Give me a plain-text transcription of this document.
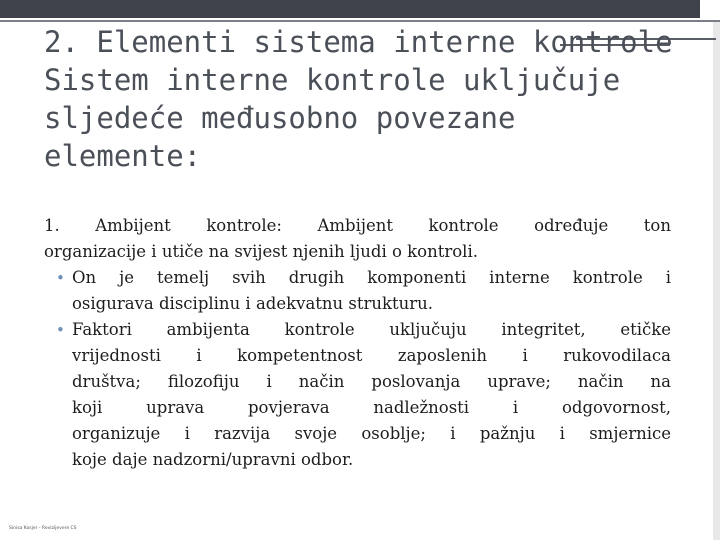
2. Elementi sistema interne kontrole
Sistem interne kontrole uključuje
sljedeće međusobno povezane
elemente:
1. Ambijent kontrole: Ambijent kontrole određuje ton
organizacije i utiče na svijest njenih ljudi o kontroli.
• On je temelj svih drugih komponenti interne kontrole i
osigurava disciplinu i adekvatnu strukturu.
• Faktori ambijenta kontrole uključuju integritet, etičke
vrijednosti i kompetentnost zaposlenih i rukovodilaca
društva; filozofiju i način poslovanja uprave; način na
koji uprava povjerava nadležnosti i odgovornost,
organizuje i razvija svoje osoblje; i pažnju i smjernice
koje daje nadzorni/upravni odbor.
Sinisa Kosjer - Revizijevere CS
